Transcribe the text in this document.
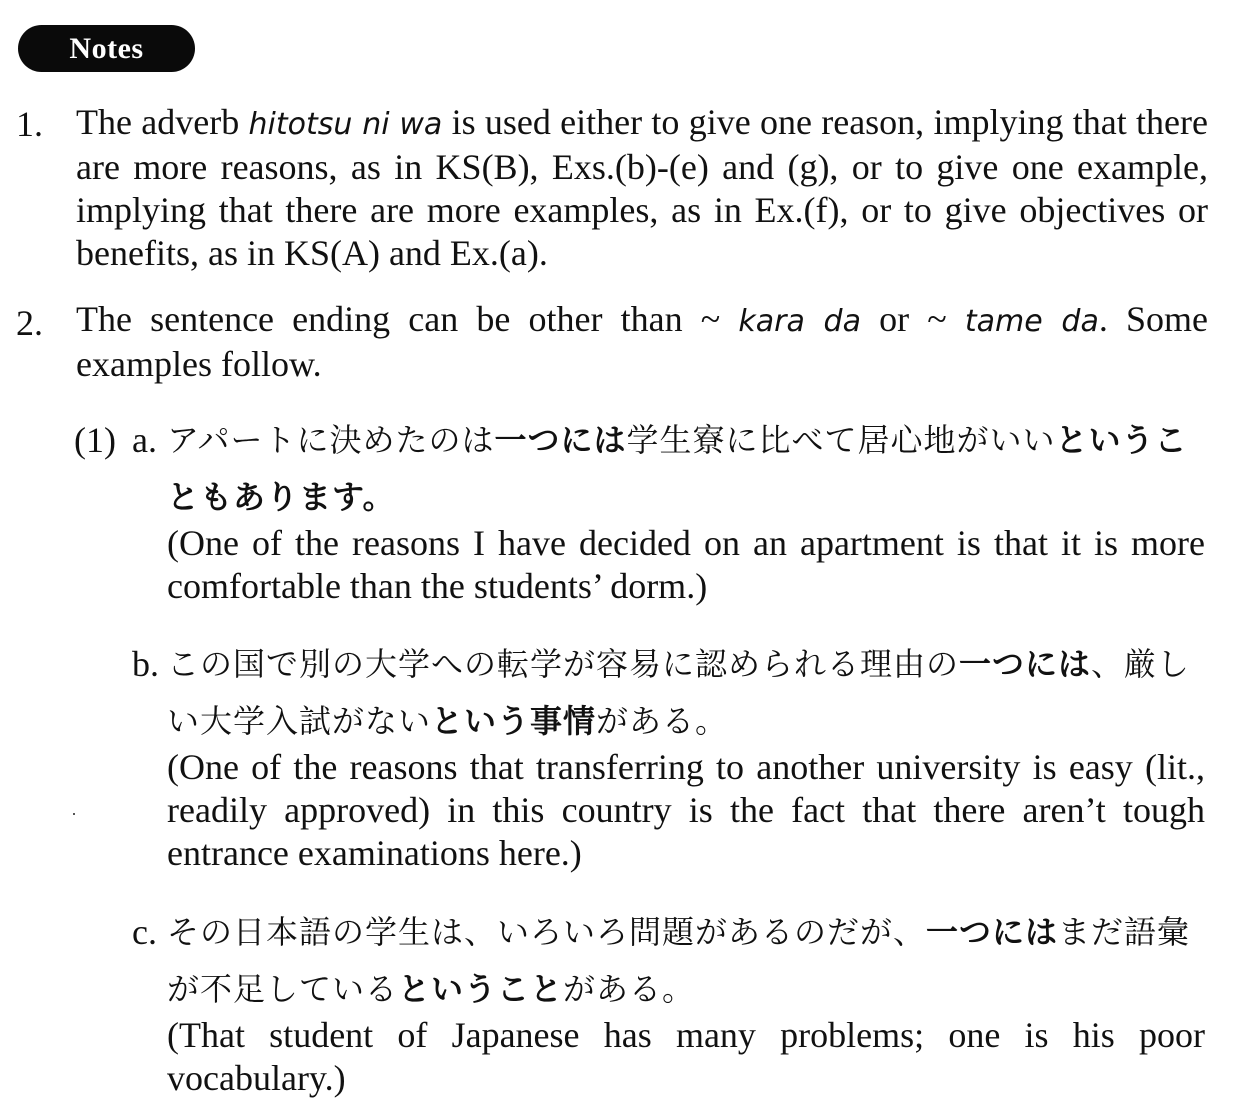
Notes
1. The adverb hitotsu ni wa is used either to give one reason, implying that there are more reasons, as in KS(B), Exs.(b)-(e) and (g), or to give one example, implying that there are more examples, as in Ex.(f), or to give objectives or benefits, as in KS(A) and Ex.(a).
2. The sentence ending can be other than ~ kara da or ~ tame da. Some examples follow.
(1) a. アパートに決めたのは一つには学生寮に比べて居心地がいいということもあります。
(One of the reasons I have decided on an apartment is that it is more comfortable than the students’ dorm.)
b. この国で別の大学への転学が容易に認められる理由の一つには、厳しい大学入試がないという事情がある。
(One of the reasons that transferring to another university is easy (lit., readily approved) in this country is the fact that there aren’t tough entrance examinations here.)
c. その日本語の学生は、いろいろ問題があるのだが、一つにはまだ語彙が不足しているということがある。
(That student of Japanese has many problems; one is his poor vocabulary.)
